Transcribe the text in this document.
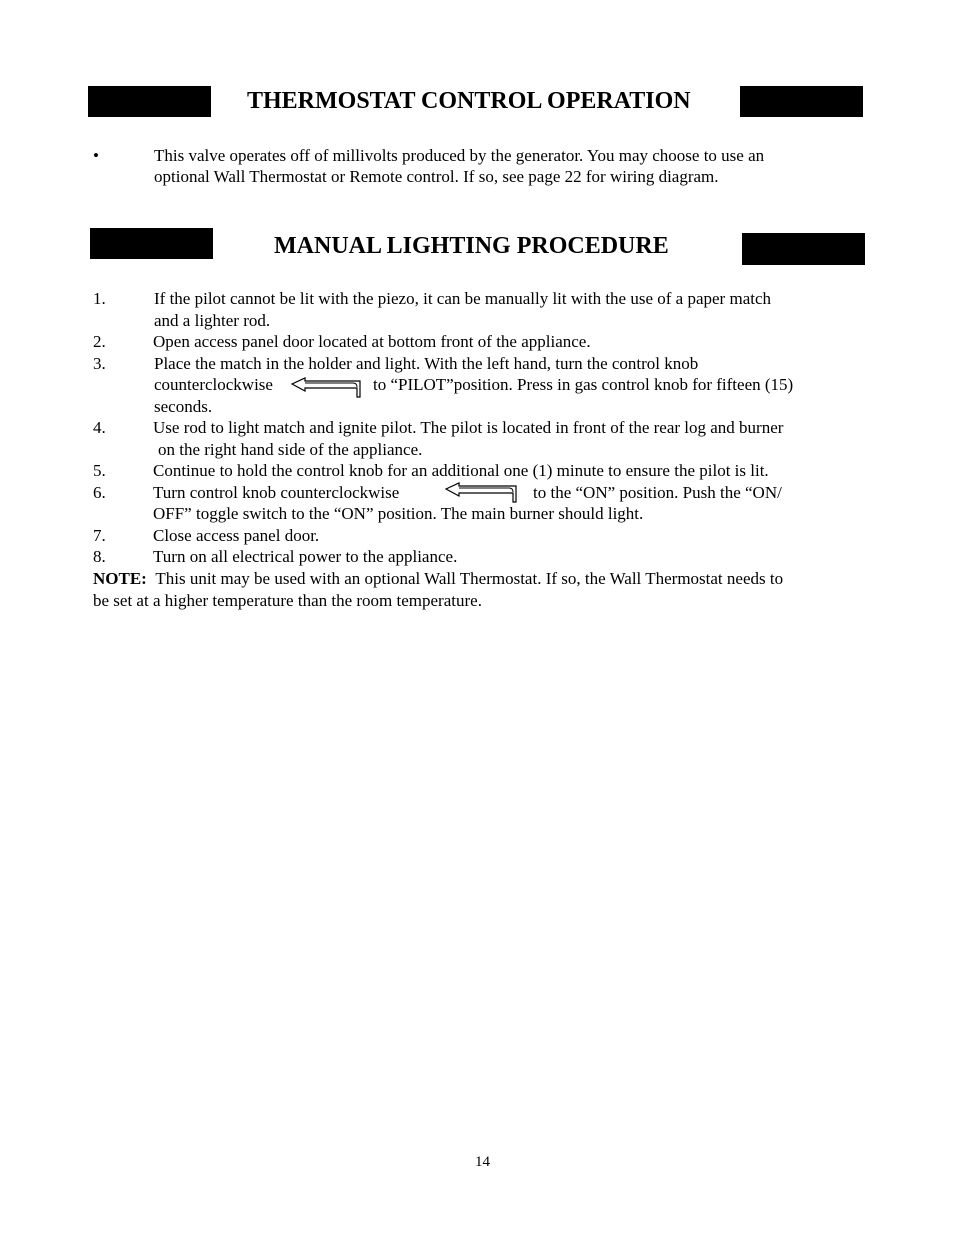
THERMOSTAT CONTROL OPERATION
•	This valve operates off of millivolts produced by the generator. You may choose to use an
optional Wall Thermostat or Remote control. If so, see page 22 for wiring diagram.
MANUAL LIGHTING PROCEDURE
1.	If the pilot cannot be lit with the piezo, it can be manually lit with the use of a paper match
and a lighter rod.
2.	Open access panel door located at bottom front of the appliance.
3.	Place the match in the holder and light. With the left hand, turn the control knob
counterclockwise	to “PILOT”position. Press in gas control knob for fifteen (15)
seconds.
4.	Use rod to light match and ignite pilot. The pilot is located in front of the rear log and burner
on the right hand side of the appliance.
5.	Continue to hold the control knob for an additional one (1) minute to ensure the pilot is lit.
6.	Turn control knob counterclockwise	to the “ON” position. Push the “ON/
OFF” toggle switch to the “ON” position. The main burner should light.
7.	Close access panel door.
8.	Turn on all electrical power to the appliance.
NOTE: This unit may be used with an optional Wall Thermostat. If so, the Wall Thermostat needs to
be set at a higher temperature than the room temperature.
14
